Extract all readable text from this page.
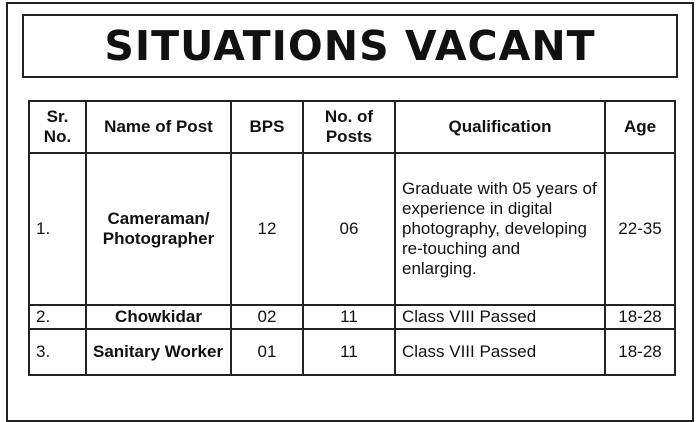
SITUATIONS VACANT
Sr. No.	Name of Post	BPS	No. of Posts	Qualification	Age
1.	Cameraman/ Photographer	12	06	Graduate with 05 years of experience in digital photography, developing re-touching and enlarging.	22-35
2.	Chowkidar	02	11	Class VIII Passed	18-28
3.	Sanitary Worker	01	11	Class VIII Passed	18-28
